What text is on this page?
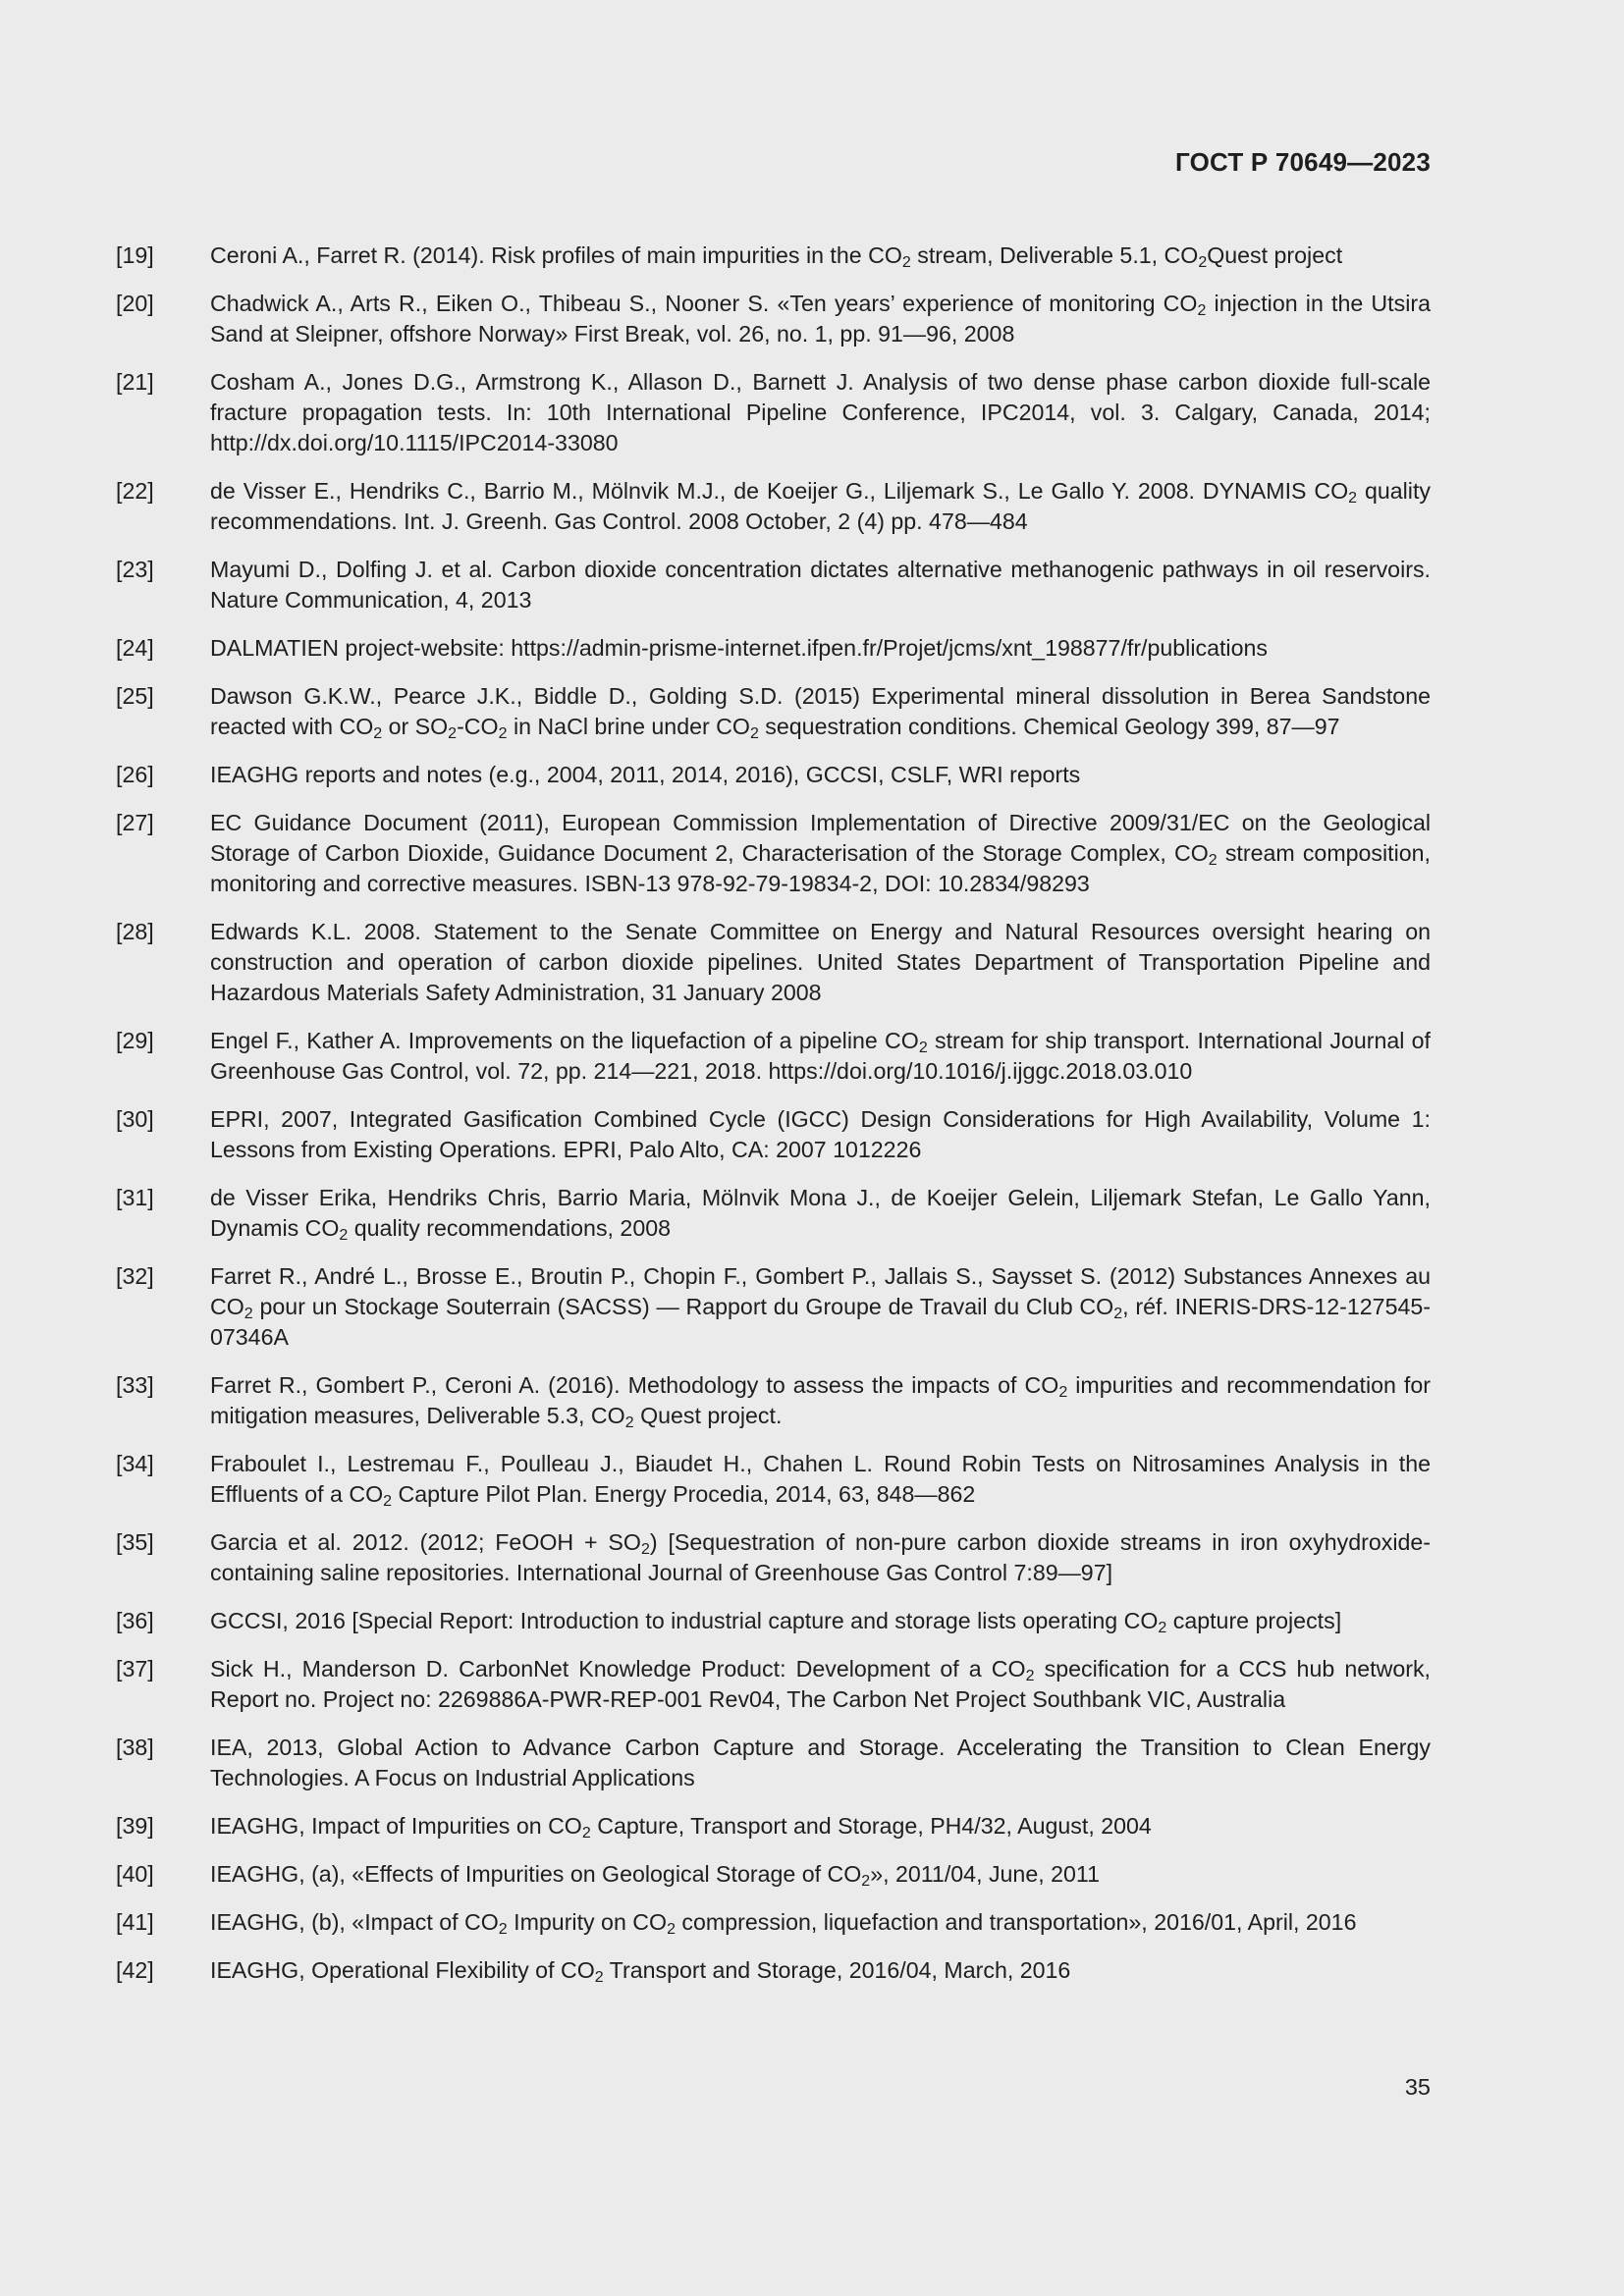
ГОСТ Р 70649—2023
[19]	Ceroni A., Farret R. (2014). Risk profiles of main impurities in the $CO_2$ stream, Deliverable 5.1, $CO_2Quest$ project
[20]	Chadwick A., Arts R., Eiken O., Thibeau S., Nooner S. «Ten years’ experience of monitoring $CO_2$ injection in the Utsira Sand at Sleipner, offshore Norway» First Break, vol. 26, no. 1, pp. 91—96, 2008
[21]	Cosham A., Jones D.G., Armstrong K., Allason D., Barnett J. Analysis of two dense phase carbon dioxide full-scale fracture propagation tests. In: 10th International Pipeline Conference, IPC2014, vol. 3. Calgary, Canada, 2014; http://dx.doi.org/10.1115/IPC2014-33080
[22]	de Visser E., Hendriks C., Barrio M., Mölnvik M.J., de Koeijer G., Liljemark S., Le Gallo Y. 2008. DYNAMIS $CO_2$ quality recommendations. Int. J. Greenh. Gas Control. 2008 October, 2 (4) pp. 478—484
[23]	Mayumi D., Dolfing J. et al. Carbon dioxide concentration dictates alternative methanogenic pathways in oil reservoirs. Nature Communication, 4, 2013
[24]	DALMATIEN project-website: https://admin-prisme-internet.ifpen.fr/Projet/jcms/xnt_198877/fr/publications
[25]	Dawson G.K.W., Pearce J.K., Biddle D., Golding S.D. (2015) Experimental mineral dissolution in Berea Sandstone reacted with $CO_2$ or $SO_2-CO_2$ in NaCl brine under $CO_2$ sequestration conditions. Chemical Geology 399, 87—97
[26]	IEAGHG reports and notes (e.g., 2004, 2011, 2014, 2016), GCCSI, CSLF, WRI reports
[27]	EC Guidance Document (2011), European Commission Implementation of Directive 2009/31/EC on the Geological Storage of Carbon Dioxide, Guidance Document 2, Characterisation of the Storage Complex, $CO_2$ stream composition, monitoring and corrective measures. ISBN-13 978-92-79-19834-2, DOI: 10.2834/98293
[28]	Edwards K.L. 2008. Statement to the Senate Committee on Energy and Natural Resources oversight hearing on construction and operation of carbon dioxide pipelines. United States Department of Transportation Pipeline and Hazardous Materials Safety Administration, 31 January 2008
[29]	Engel F., Kather A. Improvements on the liquefaction of a pipeline $CO_2$ stream for ship transport. International Journal of Greenhouse Gas Control, vol. 72, pp. 214—221, 2018. https://doi.org/10.1016/j.ijggc.2018.03.010
[30]	EPRI, 2007, Integrated Gasification Combined Cycle (IGCC) Design Considerations for High Availability, Volume 1: Lessons from Existing Operations. EPRI, Palo Alto, CA: 2007 1012226
[31]	de Visser Erika, Hendriks Chris, Barrio Maria, Mölnvik Mona J., de Koeijer Gelein, Liljemark Stefan, Le Gallo Yann, Dynamis $CO_2$ quality recommendations, 2008
[32]	Farret R., André L., Brosse E., Broutin P., Chopin F., Gombert P., Jallais S., Saysset S. (2012) Substances Annexes au $CO_2$ pour un Stockage Souterrain (SACSS) — Rapport du Groupe de Travail du Club $CO_2$, réf. INERIS-DRS-12-127545-07346A
[33]	Farret R., Gombert P., Ceroni A. (2016). Methodology to assess the impacts of $CO_2$ impurities and recommendation for mitigation measures, Deliverable 5.3, $CO_2$ Quest project.
[34]	Fraboulet I., Lestremau F., Poulleau J., Biaudet H., Chahen L. Round Robin Tests on Nitrosamines Analysis in the Effluents of a $CO_2$ Capture Pilot Plan. Energy Procedia, 2014, 63, 848—862
[35]	Garcia et al. 2012. (2012; FeOOH + $SO_2$) [Sequestration of non-pure carbon dioxide streams in iron oxyhydroxide-containing saline repositories. International Journal of Greenhouse Gas Control 7:89—97]
[36]	GCCSI, 2016 [Special Report: Introduction to industrial capture and storage lists operating $CO_2$ capture projects]
[37]	Sick H., Manderson D. CarbonNet Knowledge Product: Development of a $CO_2$ specification for a CCS hub network, Report no. Project no: 2269886A-PWR-REP-001 Rev04, The Carbon Net Project Southbank VIC, Australia
[38]	IEA, 2013, Global Action to Advance Carbon Capture and Storage. Accelerating the Transition to Clean Energy Technologies. A Focus on Industrial Applications
[39]	IEAGHG, Impact of Impurities on $CO_2$ Capture, Transport and Storage, PH4/32, August, 2004
[40]	IEAGHG, (a), «Effects of Impurities on Geological Storage of $CO_2$», 2011/04, June, 2011
[41]	IEAGHG, (b), «Impact of $CO_2$ Impurity on $CO_2$ compression, liquefaction and transportation», 2016/01, April, 2016
[42]	IEAGHG, Operational Flexibility of $CO_2$ Transport and Storage, 2016/04, March, 2016
35
